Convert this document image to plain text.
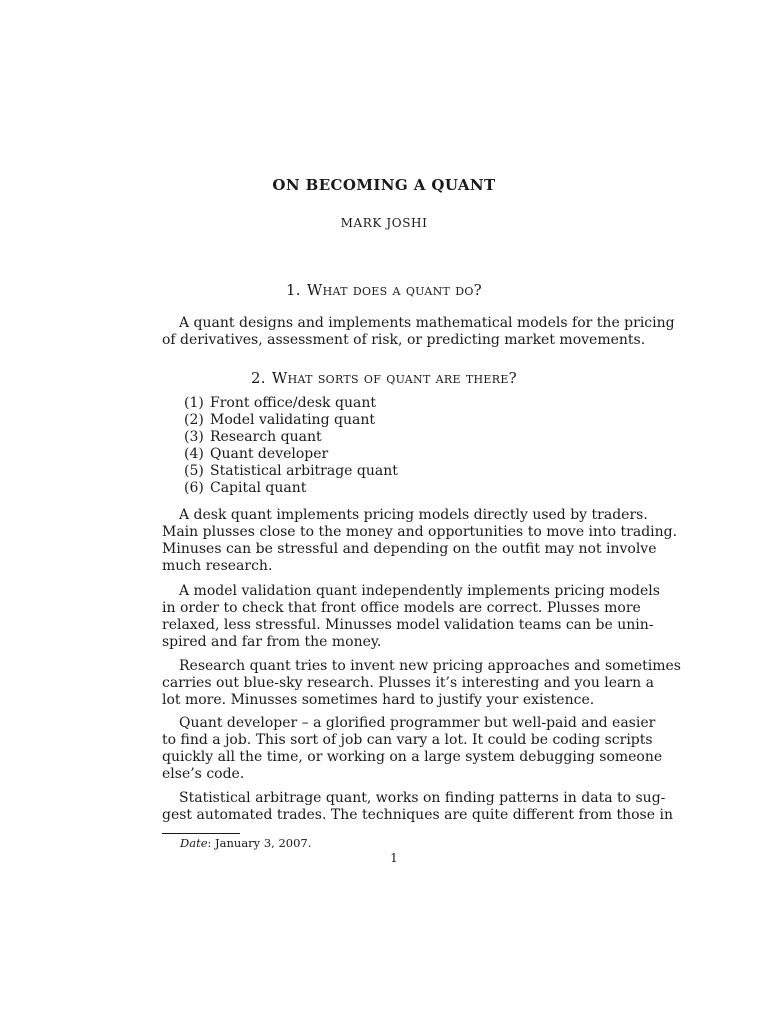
ON BECOMING A QUANT
MARK JOSHI
1. What does a quant do?
A quant designs and implements mathematical models for the pricing
of derivatives, assessment of risk, or predicting market movements.
2. What sorts of quant are there?
(1) Front office/desk quant
(2) Model validating quant
(3) Research quant
(4) Quant developer
(5) Statistical arbitrage quant
(6) Capital quant
A desk quant implements pricing models directly used by traders.
Main plusses close to the money and opportunities to move into trading.
Minuses can be stressful and depending on the outfit may not involve
much research.
A model validation quant independently implements pricing models
in order to check that front office models are correct. Plusses more
relaxed, less stressful. Minusses model validation teams can be unin-
spired and far from the money.
Research quant tries to invent new pricing approaches and sometimes
carries out blue-sky research. Plusses it’s interesting and you learn a
lot more. Minusses sometimes hard to justify your existence.
Quant developer – a glorified programmer but well-paid and easier
to find a job. This sort of job can vary a lot. It could be coding scripts
quickly all the time, or working on a large system debugging someone
else’s code.
Statistical arbitrage quant, works on finding patterns in data to sug-
gest automated trades. The techniques are quite different from those in
Date: January 3, 2007.
1
